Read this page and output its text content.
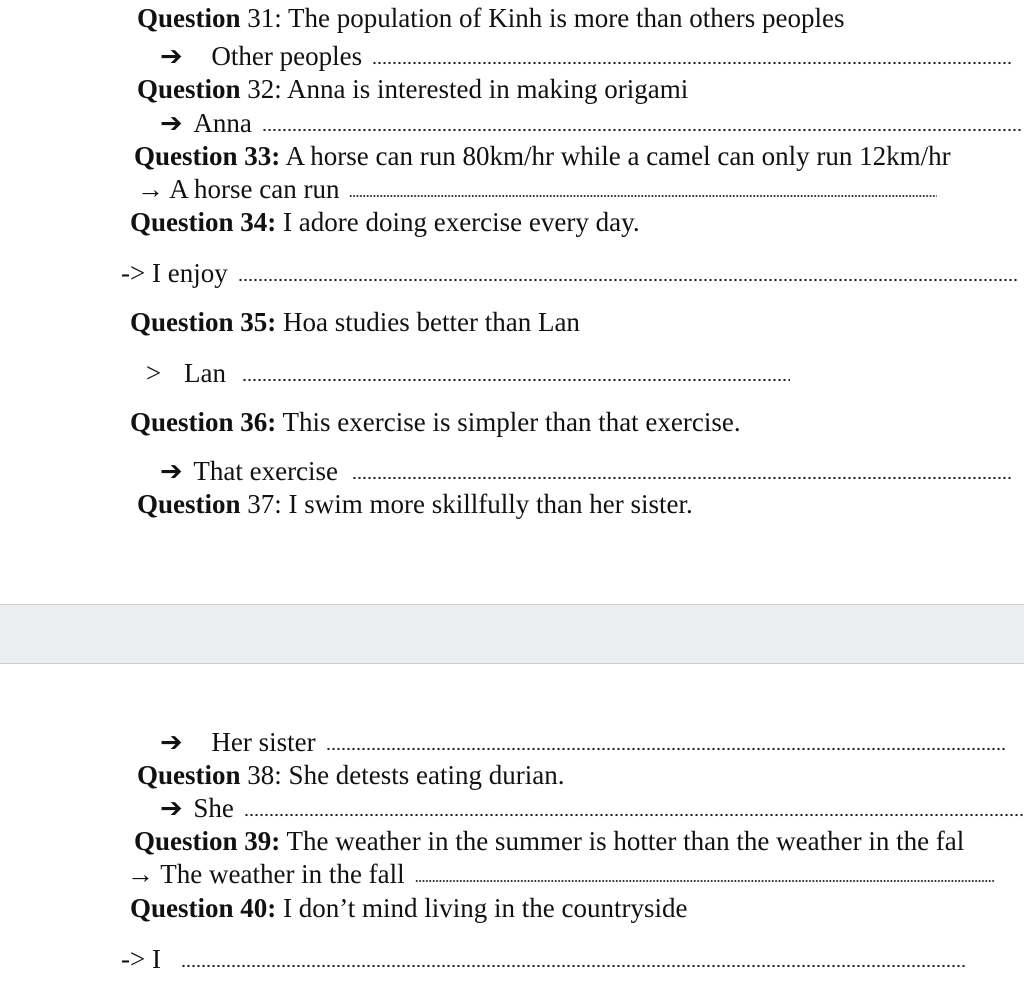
Question 31: The population of Kinh is more than others peoples
➔ Other peoples
Question 32: Anna is interested in making origami
➔ Anna
Question 33: A horse can run 80km/hr while a camel can only run 12km/hr
→ A horse can run
Question 34: I adore doing exercise every day.
-> I enjoy
Question 35: Hoa studies better than Lan
> Lan
Question 36: This exercise is simpler than that exercise.
➔ That exercise
Question 37: I swim more skillfully than her sister.
➔ Her sister
Question 38: She detests eating durian.
➔ She
Question 39: The weather in the summer is hotter than the weather in the fal
→ The weather in the fall
Question 40: I don’t mind living in the countryside
-> I
